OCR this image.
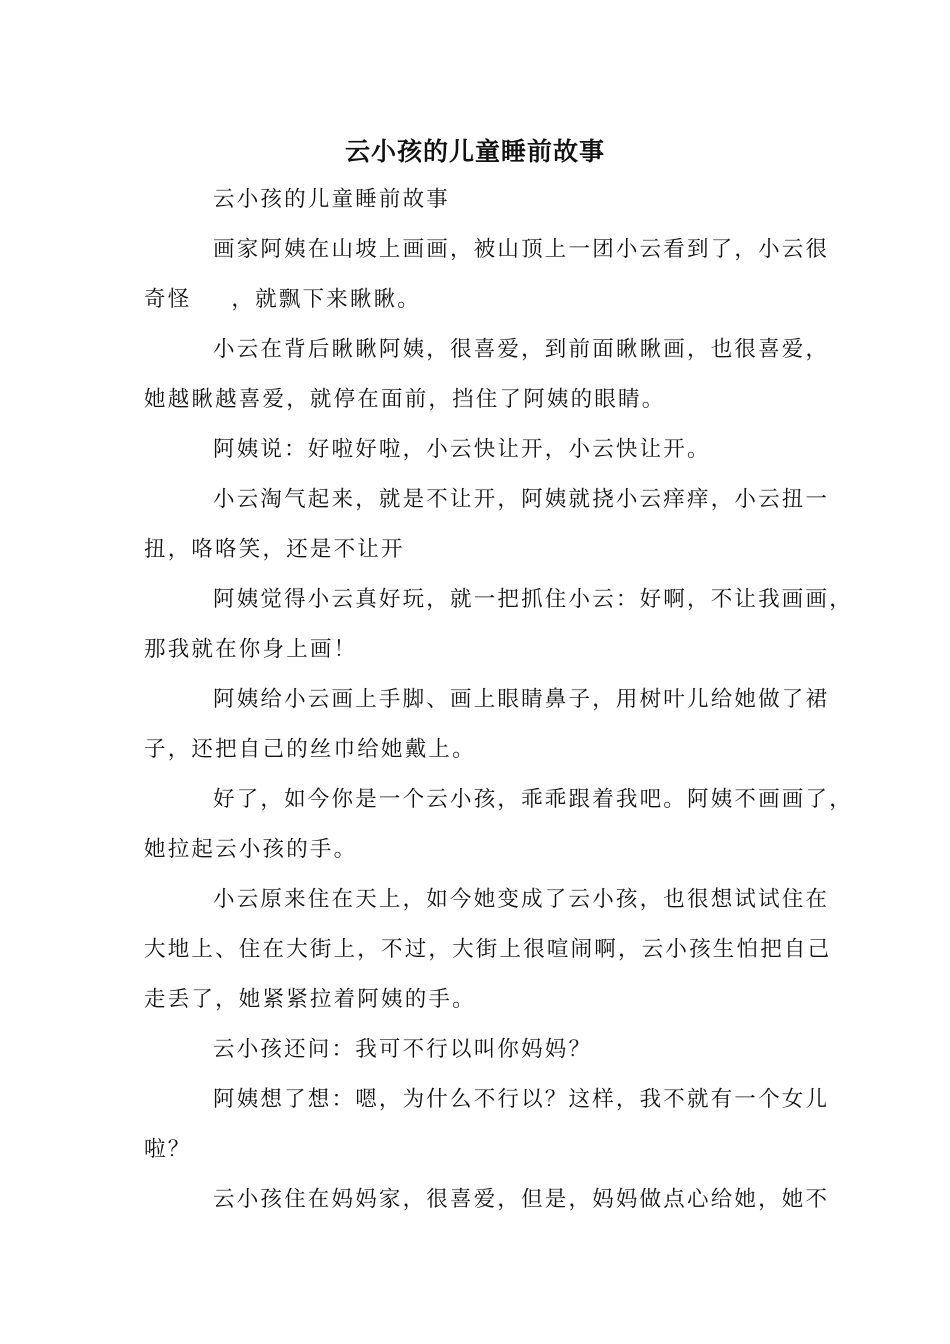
云小孩的儿童睡前故事
云小孩的儿童睡前故事
画家阿姨在山坡上画画，被山顶上一团小云看到了，小云很
奇怪 ，就飘下来瞅瞅。
小云在背后瞅瞅阿姨，很喜爱，到前面瞅瞅画，也很喜爱，
她越瞅越喜爱，就停在面前，挡住了阿姨的眼睛。
阿姨说：好啦好啦，小云快让开，小云快让开。
小云淘气起来，就是不让开，阿姨就挠小云痒痒，小云扭一
扭，咯咯笑，还是不让开
阿姨觉得小云真好玩，就一把抓住小云：好啊，不让我画画，
那我就在你身上画！
阿姨给小云画上手脚、画上眼睛鼻子，用树叶儿给她做了裙
子，还把自己的丝巾给她戴上。
好了，如今你是一个云小孩，乖乖跟着我吧。阿姨不画画了，
她拉起云小孩的手。
小云原来住在天上，如今她变成了云小孩，也很想试试住在
大地上、住在大街上，不过，大街上很喧闹啊，云小孩生怕把自己
走丢了，她紧紧拉着阿姨的手。
云小孩还问：我可不行以叫你妈妈？
阿姨想了想：嗯，为什么不行以？这样，我不就有一个女儿
啦？
云小孩住在妈妈家，很喜爱，但是，妈妈做点心给她，她不
